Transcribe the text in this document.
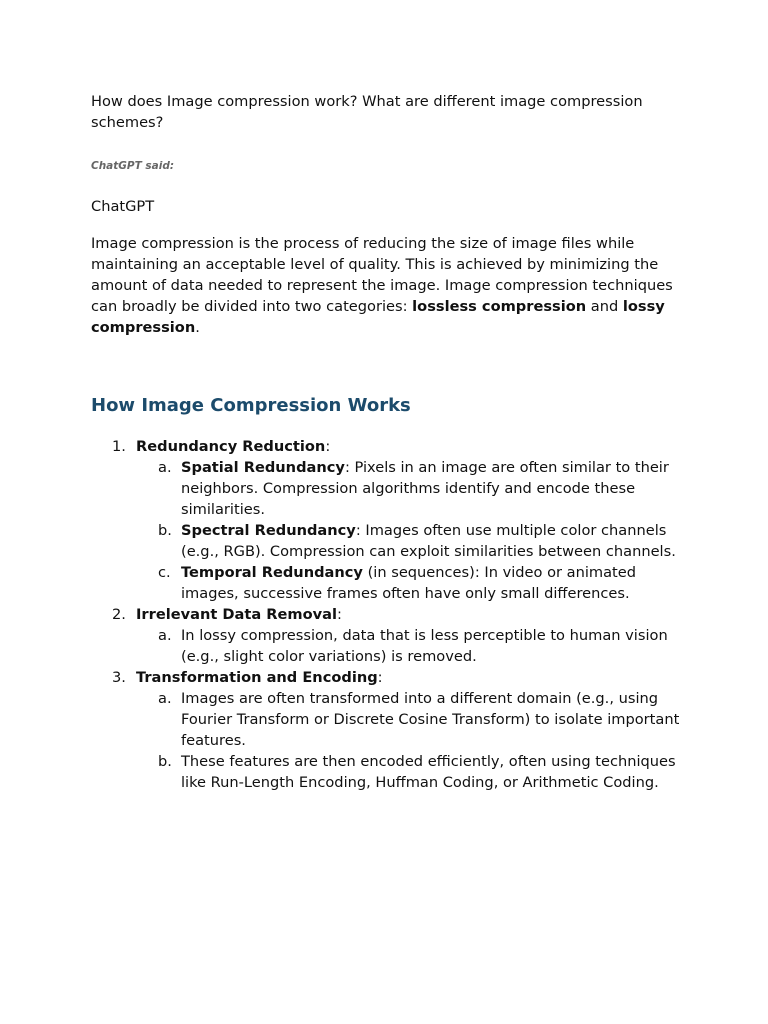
How does Image compression work? What are different image compression schemes?

ChatGPT said:

ChatGPT

Image compression is the process of reducing the size of image files while maintaining an acceptable level of quality. This is achieved by minimizing the amount of data needed to represent the image. Image compression techniques can broadly be divided into two categories: lossless compression and lossy compression.

How Image Compression Works
1. Redundancy Reduction:
a. Spatial Redundancy: Pixels in an image are often similar to their neighbors. Compression algorithms identify and encode these similarities.
b. Spectral Redundancy: Images often use multiple color channels (e.g., RGB). Compression can exploit similarities between channels.
c. Temporal Redundancy (in sequences): In video or animated images, successive frames often have only small differences.
2. Irrelevant Data Removal:
a. In lossy compression, data that is less perceptible to human vision (e.g., slight color variations) is removed.
3. Transformation and Encoding:
a. Images are often transformed into a different domain (e.g., using Fourier Transform or Discrete Cosine Transform) to isolate important features.
b. These features are then encoded efficiently, often using techniques like Run-Length Encoding, Huffman Coding, or Arithmetic Coding.
